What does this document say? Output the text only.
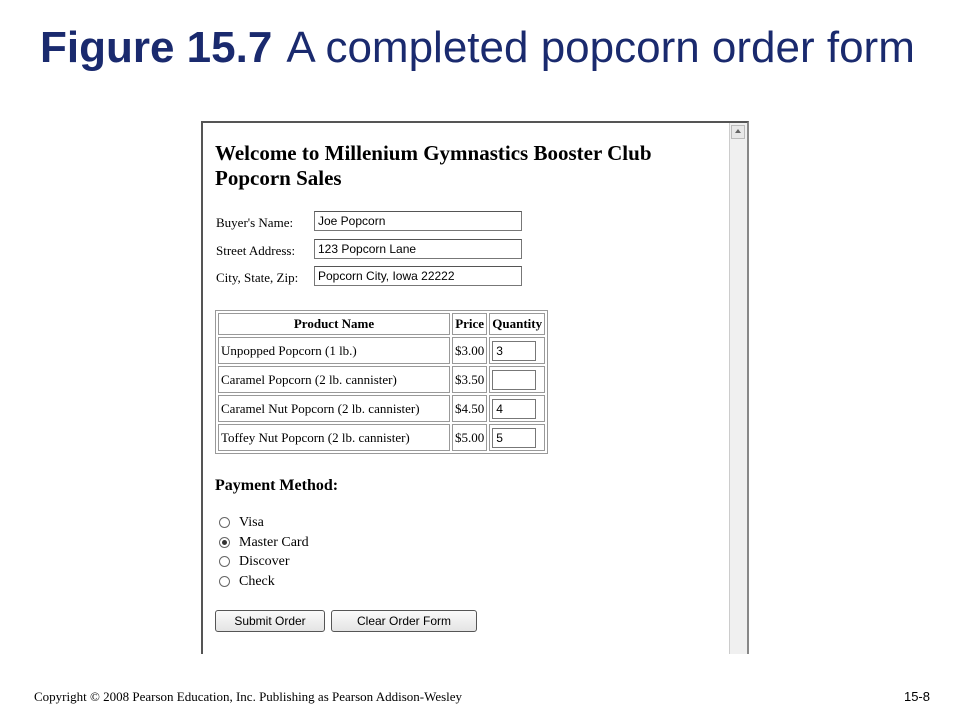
Figure 15.7 A completed popcorn order form
Welcome to Millenium Gymnastics Booster Club
Popcorn Sales
Buyer's Name:	Joe Popcorn
Street Address:	123 Popcorn Lane
City, State, Zip:	Popcorn City, Iowa 22222
Product Name	Price	Quantity
Unpopped Popcorn (1 lb.)	$3.00	3

Caramel Popcorn (2 lb. cannister)	$3.50	

Caramel Nut Popcorn (2 lb. cannister)	$4.50	4

Toffey Nut Popcorn (2 lb. cannister)	$5.00	5
Payment Method:
Visa
Master Card
Discover
Check
Submit Order	Clear Order Form
Copyright © 2008 Pearson Education, Inc. Publishing as Pearson Addison-Wesley	15-8
